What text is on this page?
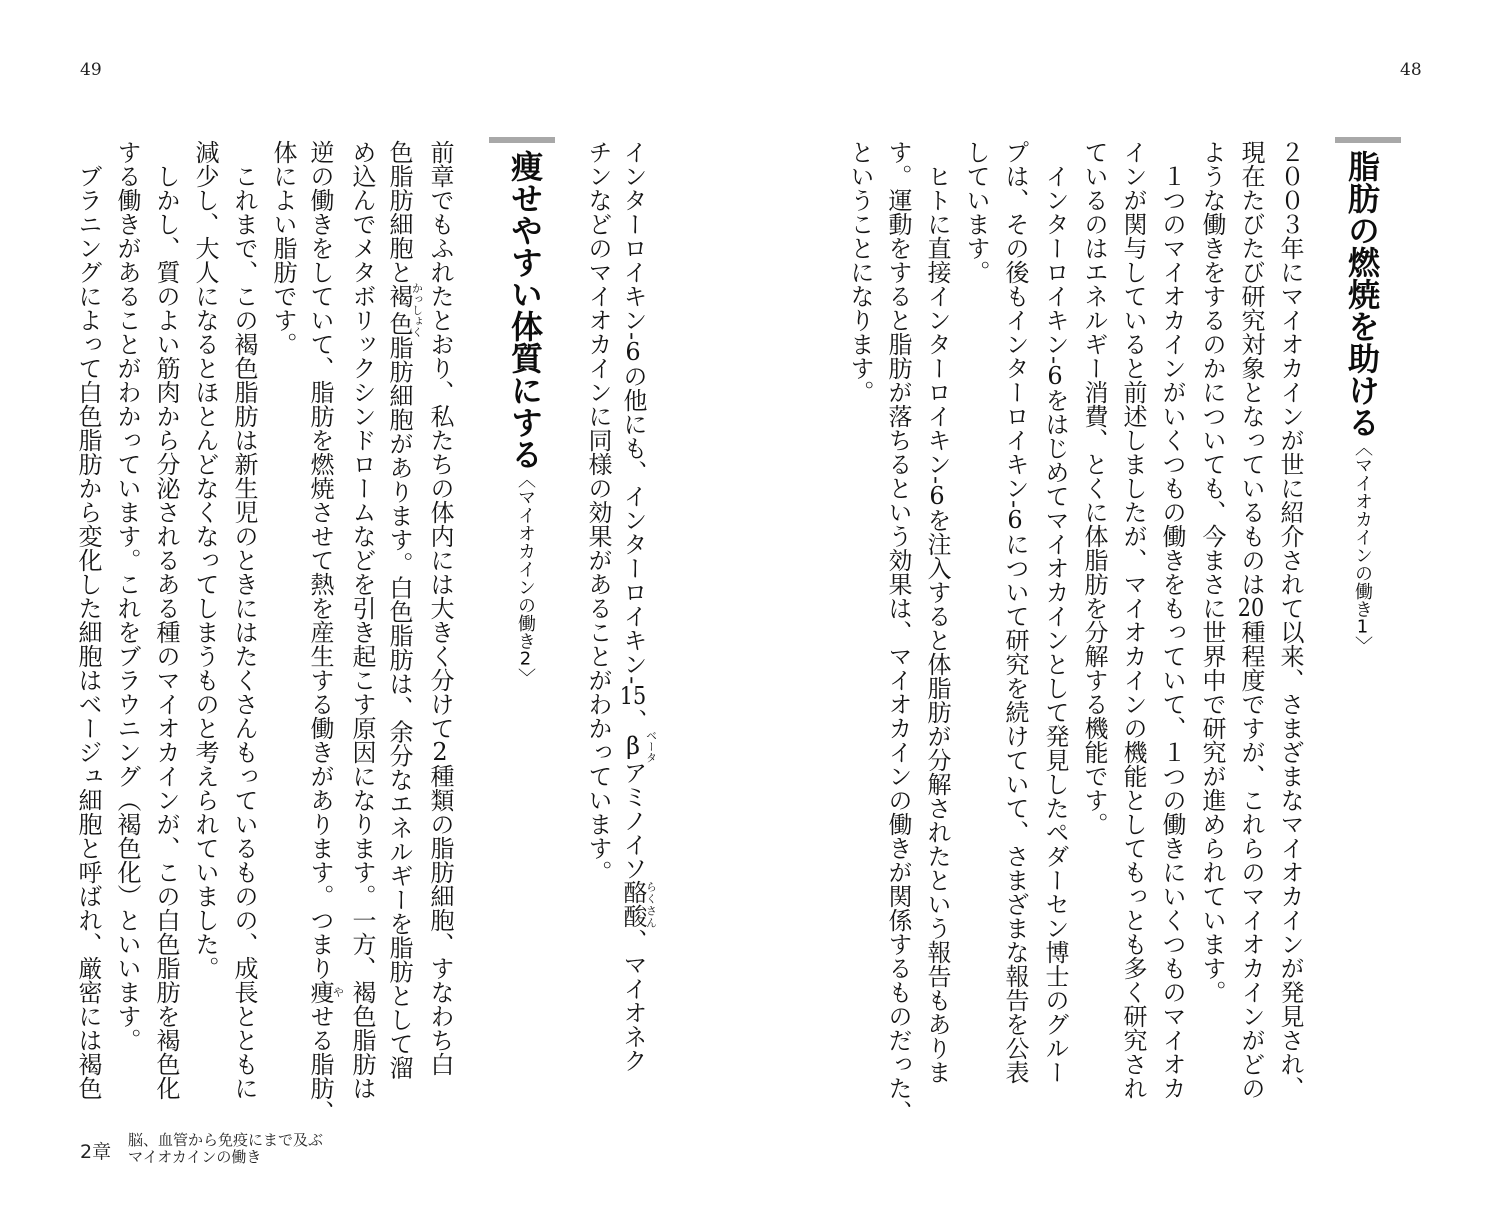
48
脂肪の燃焼を助ける〈マイオカインの働き1〉
２００３年にマイオカインが世に紹介されて以来、さまざまなマイオカインが発見され、
現在たびたび研究対象となっているものは20種程度ですが、これらのマイオカインがどの
ような働きをするのかについても、今まさに世界中で研究が進められています。
　１つのマイオカインがいくつもの働きをもっていて、１つの働きにいくつものマイオカ
インが関与していると前述しましたが、マイオカインの機能としてもっとも多く研究され
ているのはエネルギー消費、とくに体脂肪を分解する機能です。
　インターロイキン-6をはじめてマイオカインとして発見したペダーセン博士のグルー
プは、その後もインターロイキン-6について研究を続けていて、さまざまな報告を公表
しています。
　ヒトに直接インターロイキン-6を注入すると体脂肪が分解されたという報告もありま
す。運動をすると脂肪が落ちるという効果は、マイオカインの働きが関係するものだった、
ということになります。
49
インターロイキン-6の他にも、インターロイキン-15、βベータアミノイソ酪酸らくさん、マイオネク
チンなどのマイオカインに同様の効果があることがわかっています。
痩せやすい体質にする〈マイオカインの働き2〉
前章でもふれたとおり、私たちの体内には大きく分けて2種類の脂肪細胞、すなわち白
色脂肪細胞と褐色かっしょく脂肪細胞があります。白色脂肪は、余分なエネルギーを脂肪として溜
め込んでメタボリックシンドロームなどを引き起こす原因になります。一方、褐色脂肪は
逆の働きをしていて、脂肪を燃焼させて熱を産生する働きがあります。つまり痩やせる脂肪、
体によい脂肪です。
　これまで、この褐色脂肪は新生児のときにはたくさんもっているものの、成長とともに
減少し、大人になるとほとんどなくなってしまうものと考えられていました。
　しかし、質のよい筋肉から分泌されるある種のマイオカインが、この白色脂肪を褐色化
する働きがあることがわかっています。これをブラウニング（褐色化）といいます。
　ブラニングによって白色脂肪から変化した細胞はベージュ細胞と呼ばれ、厳密には褐色
2章
脳、血管から免疫にまで及ぶ
マイオカインの働き
